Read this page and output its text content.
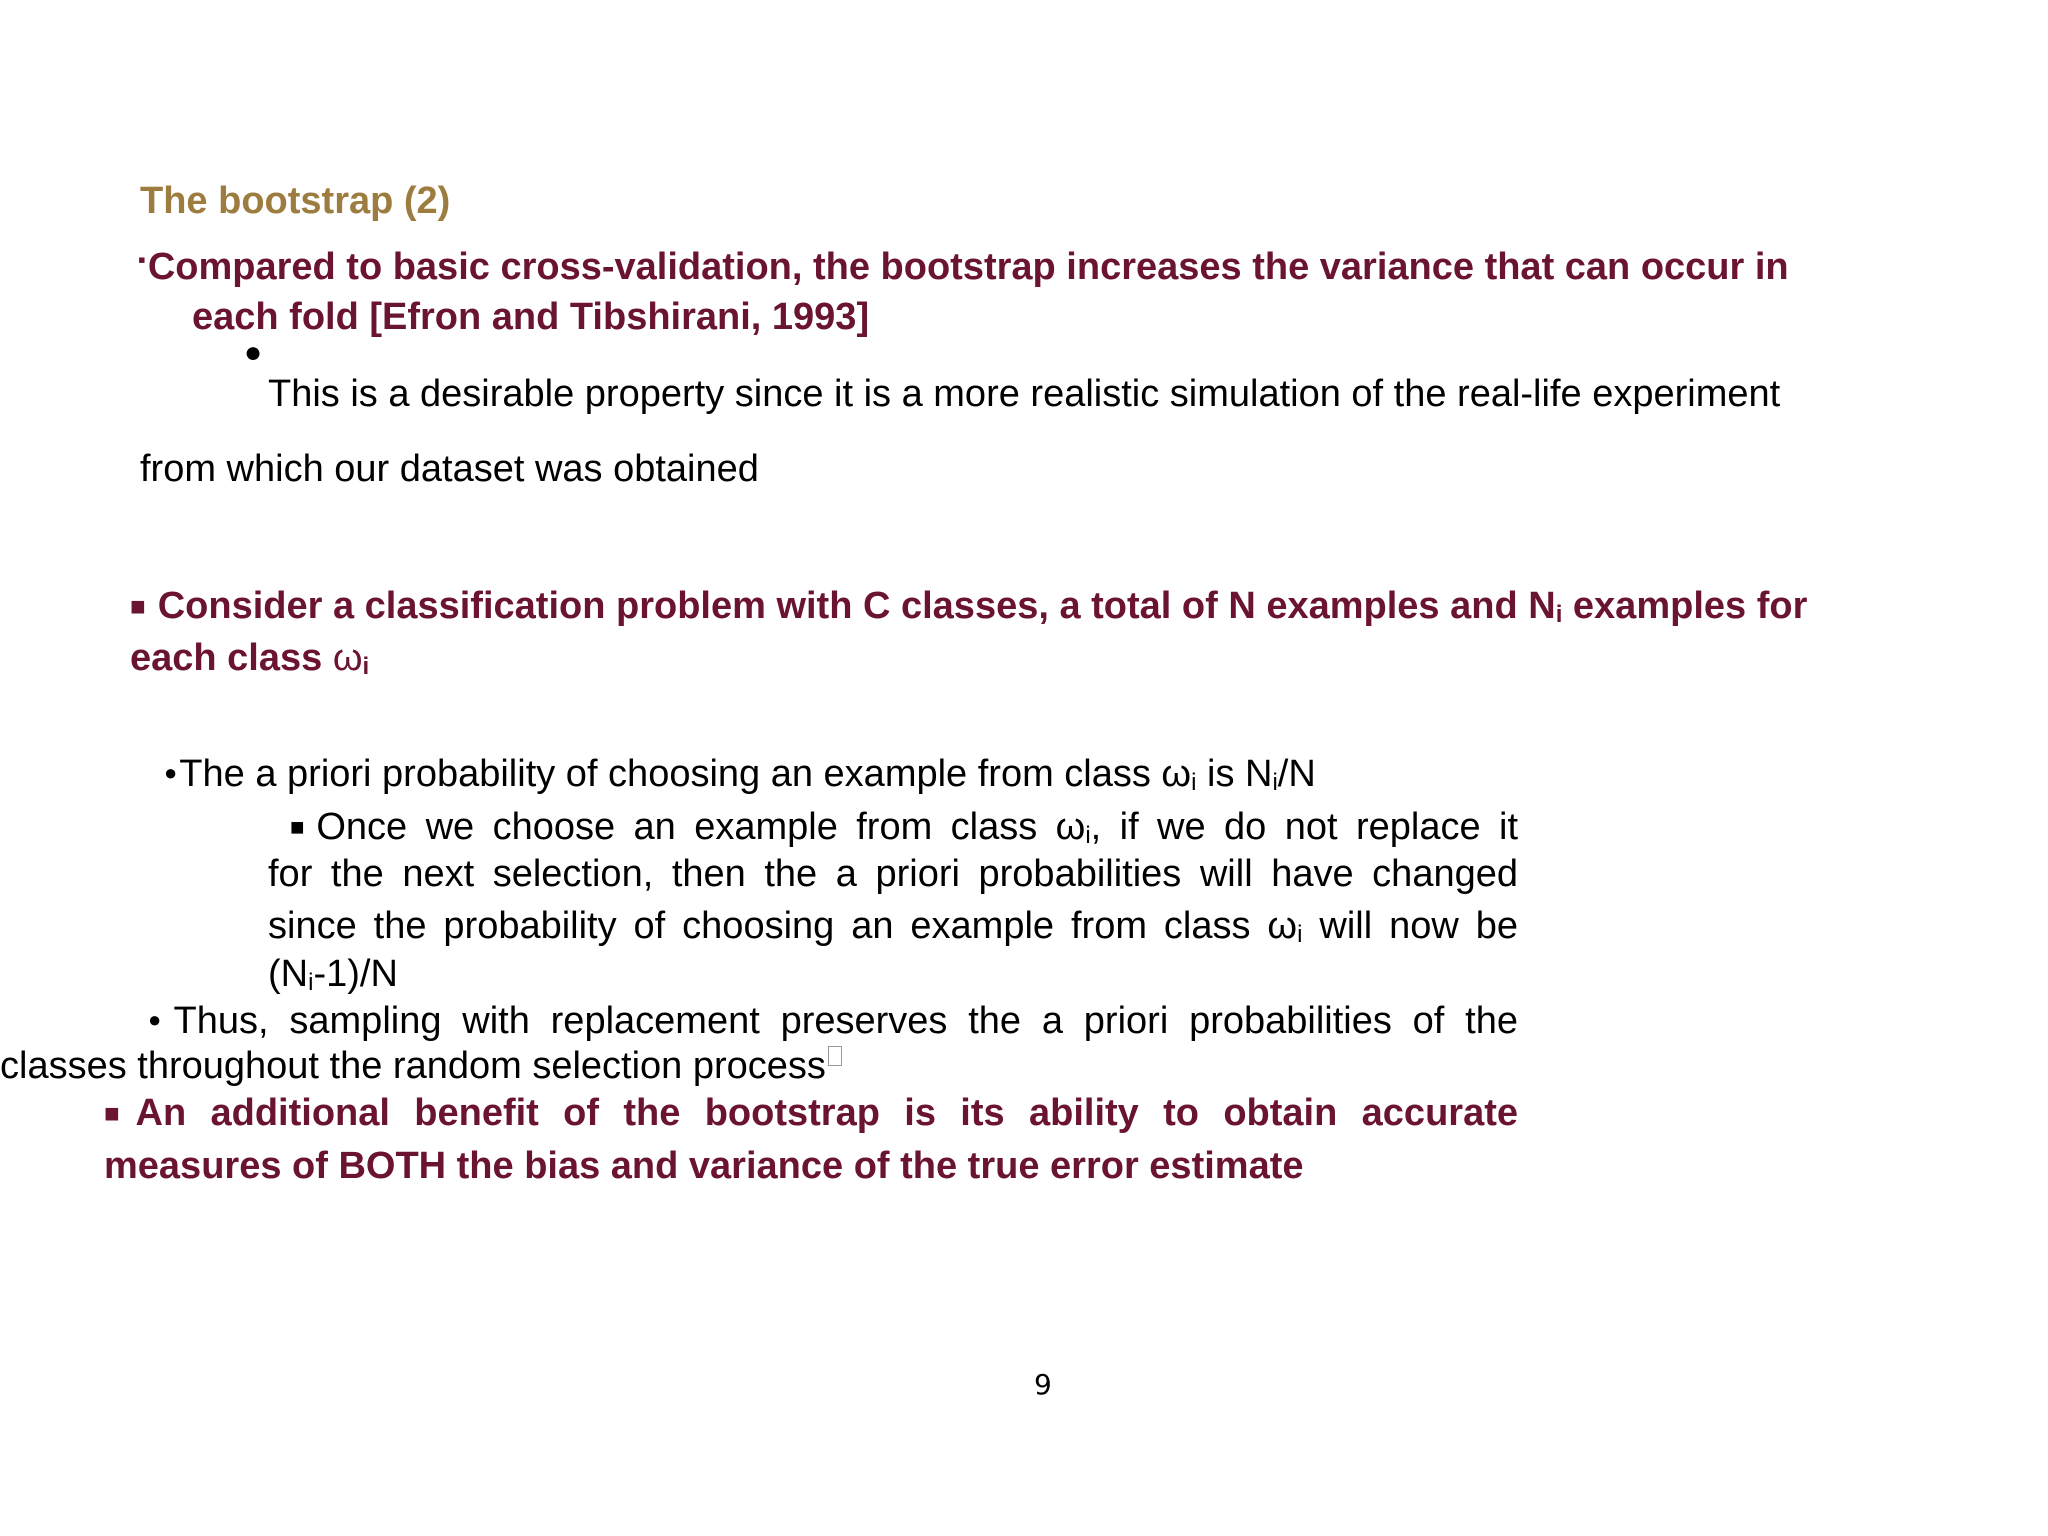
The bootstrap (2)

▪Compared to basic cross-validation, the bootstrap increases the variance that can occur in

each fold [Efron and Tibshirani, 1993]

●

This is a desirable property since it is a more realistic simulation of the real-life experiment

from which our dataset was obtained

■ Consider a classification problem with C classes, a total of N examples and $N_i$ examples for

each class $\omega_i$

●The a priori probability of choosing an example from class $\omega_i$ is $N_i/N$

■ Once we choose an example from class $\omega_i$, if we do not replace it

for the next selection, then the a priori probabilities will have changed

since the probability of choosing an example from class $\omega_i$ will now be

$(N_i-1)/N$

●Thus, sampling with replacement preserves the a priori probabilities of the

classes throughout the random selection process

■An additional benefit of the bootstrap is its ability to obtain accurate

measures of BOTH the bias and variance of the true error estimate

9
